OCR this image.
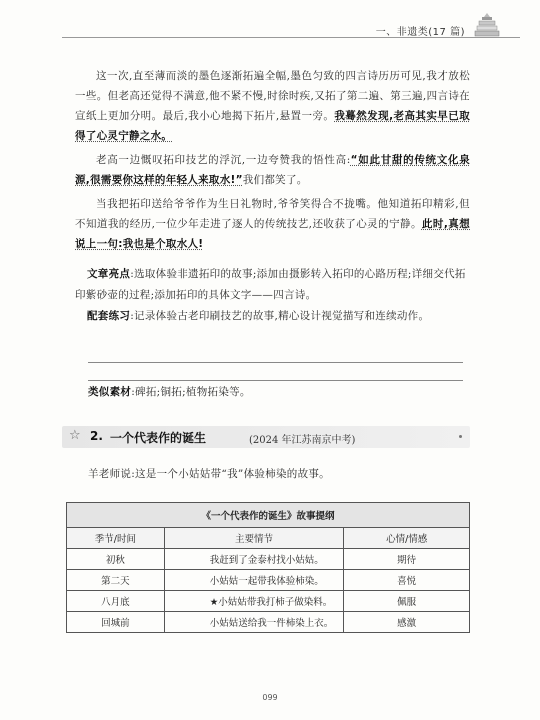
一、非遗类(17 篇)

这一次,直至薄而淡的墨色逐渐拓遍全幅,墨色匀致的四言诗历历可见,我才放松一些。但老高还觉得不满意,他不紧不慢,时徐时疾,又拓了第二遍、第三遍,四言诗在宣纸上更加分明。最后,我小心地揭下拓片,悬置一旁。我蓦然发现,老高其实早已取得了心灵宁静之水。

老高一边慨叹拓印技艺的浮沉,一边夸赞我的悟性高:“如此甘甜的传统文化泉源,很需要你这样的年轻人来取水!”我们都笑了。

当我把拓印送给爷爷作为生日礼物时,爷爷笑得合不拢嘴。他知道拓印精彩,但不知道我的经历,一位少年走进了逐人的传统技艺,还收获了心灵的宁静。此时,真想说上一句:我也是个取水人!

文章亮点:选取体验非遗拓印的故事;添加由摄影转入拓印的心路历程;详细交代拓印紫砂壶的过程;添加拓印的具体文字——四言诗。

配套练习:记录体验古老印刷技艺的故事,精心设计视觉描写和连续动作。

类似素材:碑拓;铜拓;植物拓染等。
☆ 2. 一个代表作的诞生	(2024 年江苏南京中考)
羊老师说:这是一个小姑姑带“我”体验柿染的故事。
《一个代表作的诞生》故事提纲		
季节/时间	主要情节	心情/情感
初秋	我赶到了金泰村找小姑姑。	期待
第二天	小姑姑一起带我体验柿染。	喜悦
八月底	★小姑姑带我打柿子做染料。	佩服
回城前	小姑姑送给我一件柿染上衣。	感激
099
